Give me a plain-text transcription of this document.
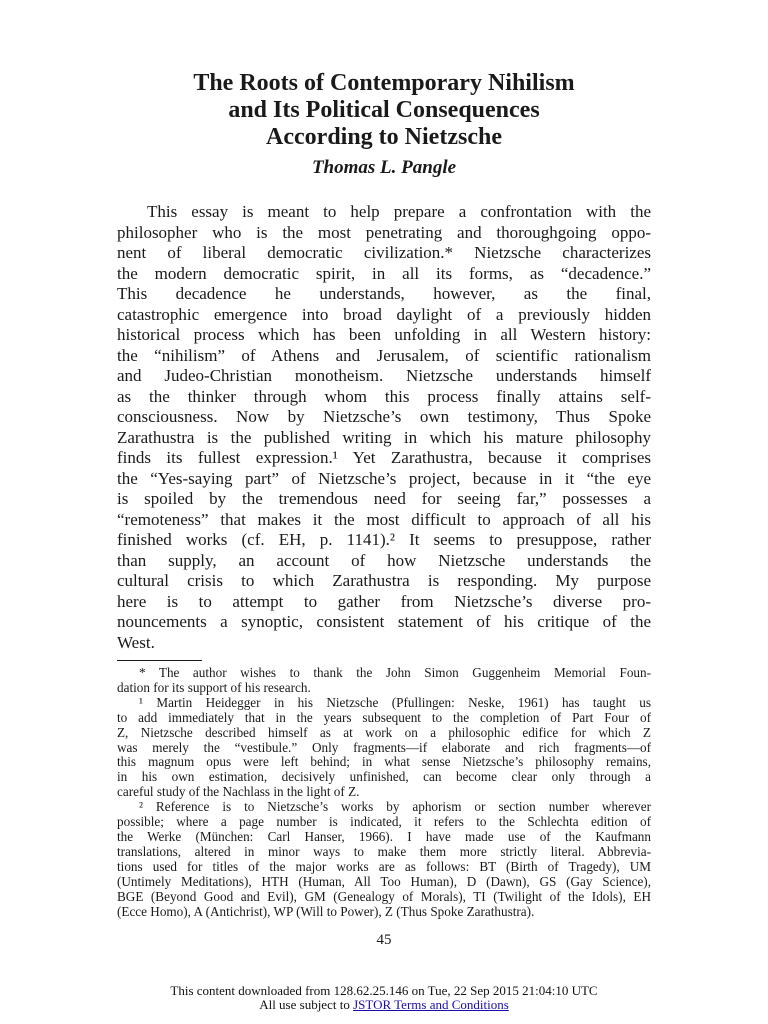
The Roots of Contemporary Nihilism
and Its Political Consequences
According to Nietzsche

Thomas L. Pangle

This essay is meant to help prepare a confrontation with the
philosopher who is the most penetrating and thoroughgoing oppo-
nent of liberal democratic civilization.* Nietzsche characterizes
the modern democratic spirit, in all its forms, as “decadence.”
This decadence he understands, however, as the final,
catastrophic emergence into broad daylight of a previously hidden
historical process which has been unfolding in all Western history:
the “nihilism” of Athens and Jerusalem, of scientific rationalism
and Judeo-Christian monotheism. Nietzsche understands himself
as the thinker through whom this process finally attains self-
consciousness. Now by Nietzsche’s own testimony, Thus Spoke
Zarathustra is the published writing in which his mature philosophy
finds its fullest expression.¹ Yet Zarathustra, because it comprises
the “Yes-saying part” of Nietzsche’s project, because in it “the eye
is spoiled by the tremendous need for seeing far,” possesses a
“remoteness” that makes it the most difficult to approach of all his
finished works (cf. EH, p. 1141).² It seems to presuppose, rather
than supply, an account of how Nietzsche understands the
cultural crisis to which Zarathustra is responding. My purpose
here is to attempt to gather from Nietzsche’s diverse pro-
nouncements a synoptic, consistent statement of his critique of the
West.
* The author wishes to thank the John Simon Guggenheim Memorial Foun-
dation for its support of his research.
¹ Martin Heidegger in his Nietzsche (Pfullingen: Neske, 1961) has taught us
to add immediately that in the years subsequent to the completion of Part Four of
Z, Nietzsche described himself as at work on a philosophic edifice for which Z
was merely the “vestibule.” Only fragments—if elaborate and rich fragments—of
this magnum opus were left behind; in what sense Nietzsche’s philosophy remains,
in his own estimation, decisively unfinished, can become clear only through a
careful study of the Nachlass in the light of Z.
² Reference is to Nietzsche’s works by aphorism or section number wherever
possible; where a page number is indicated, it refers to the Schlechta edition of
the Werke (München: Carl Hanser, 1966). I have made use of the Kaufmann
translations, altered in minor ways to make them more strictly literal. Abbrevia-
tions used for titles of the major works are as follows: BT (Birth of Tragedy), UM
(Untimely Meditations), HTH (Human, All Too Human), D (Dawn), GS (Gay Science),
BGE (Beyond Good and Evil), GM (Genealogy of Morals), TI (Twilight of the Idols), EH
(Ecce Homo), A (Antichrist), WP (Will to Power), Z (Thus Spoke Zarathustra).
45
This content downloaded from 128.62.25.146 on Tue, 22 Sep 2015 21:04:10 UTC
All use subject to JSTOR Terms and Conditions
